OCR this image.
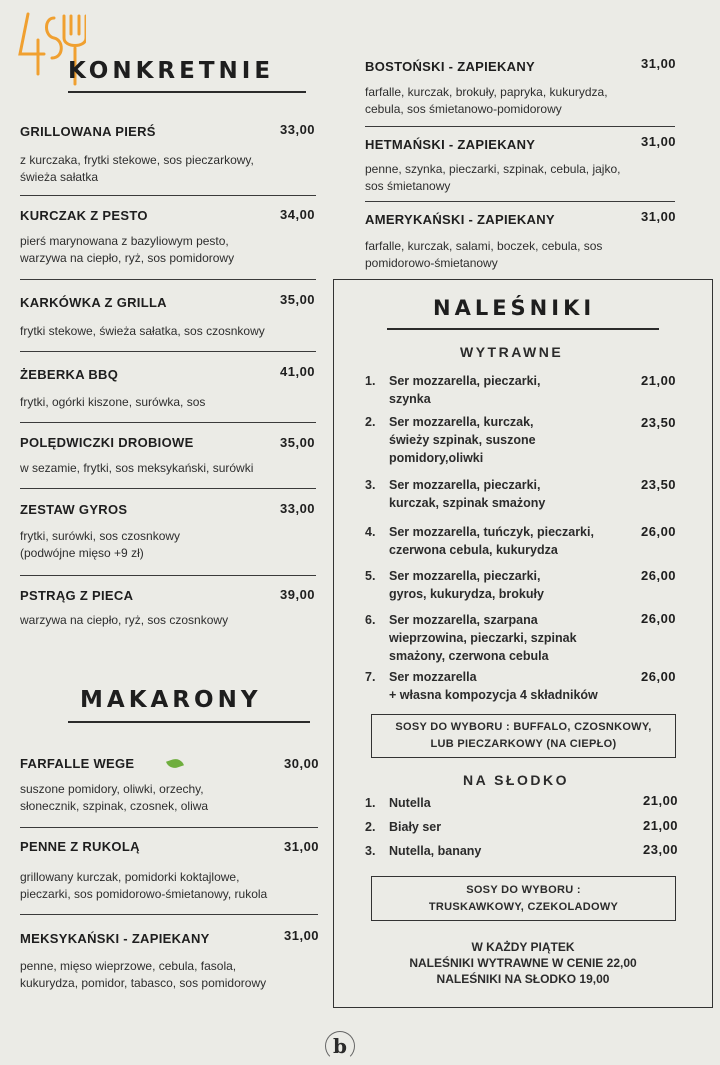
KONKRETNIE
GRILLOWANA PIERŚ	33,00
z kurczaka, frytki stekowe, sos pieczarkowy,
świeża sałatka
KURCZAK Z PESTO	34,00
pierś marynowana z bazyliowym pesto,
warzywa na ciepło, ryż, sos pomidorowy
KARKÓWKA Z GRILLA	35,00
frytki stekowe, świeża sałatka, sos czosnkowy
ŻEBERKA BBQ	41,00
frytki, ogórki kiszone, surówka, sos
POLĘDWICZKI DROBIOWE	35,00
w sezamie, frytki, sos meksykański, surówki
ZESTAW GYROS	33,00
frytki, surówki, sos czosnkowy
(podwójne mięso +9 zł)
PSTRĄG Z PIECA	39,00
warzywa na ciepło, ryż, sos czosnkowy
MAKARONY
FARFALLE WEGE	30,00
suszone pomidory, oliwki, orzechy,
słonecznik, szpinak, czosnek, oliwa
PENNE Z RUKOLĄ	31,00
grillowany kurczak, pomidorki koktajlowe,
pieczarki, sos pomidorowo-śmietanowy, rukola
MEKSYKAŃSKI - ZAPIEKANY	31,00
penne, mięso wieprzowe, cebula, fasola,
kukurydza, pomidor, tabasco, sos pomidorowy
BOSTOŃSKI - ZAPIEKANY	31,00
farfalle, kurczak, brokuły, papryka, kukurydza,
cebula, sos śmietanowo-pomidorowy
HETMAŃSKI - ZAPIEKANY	31,00
penne, szynka, pieczarki, szpinak, cebula, jajko,
sos śmietanowy
AMERYKAŃSKI - ZAPIEKANY	31,00
farfalle, kurczak, salami, boczek, cebula, sos
pomidorowo-śmietanowy
NALEŚNIKI
WYTRAWNE
1. Ser mozzarella, pieczarki,
szynka
21,00
2. Ser mozzarella, kurczak,
świeży szpinak, suszone
pomidory,oliwki
23,50
3. Ser mozzarella, pieczarki,
kurczak, szpinak smażony
23,50
4. Ser mozzarella, tuńczyk, pieczarki,
czerwona cebula, kukurydza
26,00
5. Ser mozzarella, pieczarki,
gyros, kukurydza, brokuły
26,00
6. Ser mozzarella, szarpana
wieprzowina, pieczarki, szpinak
smażony, czerwona cebula
26,00
7. Ser mozzarella
+ własna kompozycja 4 składników
26,00
SOSY DO WYBORU : BUFFALO, CZOSNKOWY,
LUB PIECZARKOWY (NA CIEPŁO)
NA SŁODKO
1. Nutella	21,00
2. Biały ser	21,00
3. Nutella, banany	23,00
SOSY DO WYBORU :
TRUSKAWKOWY, CZEKOLADOWY
W KAŻDY PIĄTEK
NALEŚNIKI WYTRAWNE W CENIE 22,00
NALEŚNIKI NA SŁODKO 19,00
b
